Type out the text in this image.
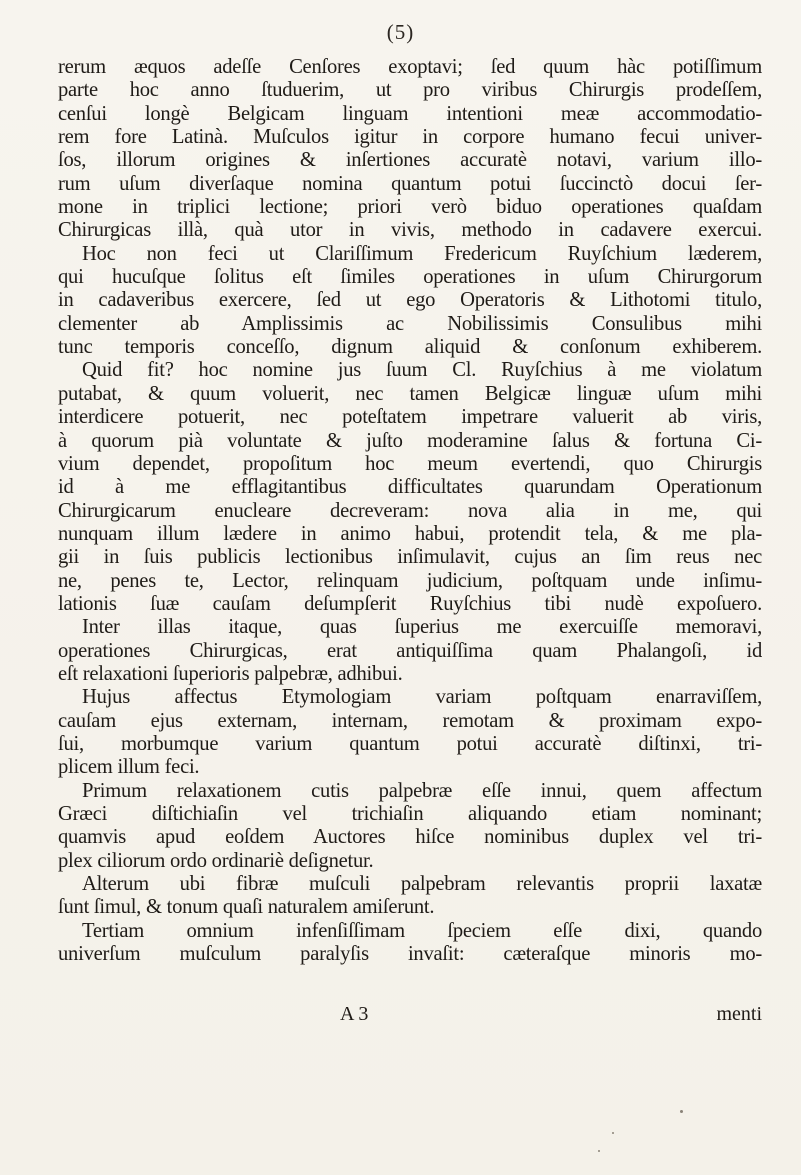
(5)
rerum æquos adeſſe Cenſores exoptavi; ſed quum hàc potiſſimum
parte hoc anno ſtuduerim, ut pro viribus Chirurgis prodeſſem,
cenſui longè Belgicam linguam intentioni meæ accommodatio-
rem fore Latinà. Muſculos igitur in corpore humano fecui univer-
ſos, illorum origines & inſertiones accuratè notavi, varium illo-
rum uſum diverſaque nomina quantum potui ſuccinctò docui ſer-
mone in triplici lectione; priori verò biduo operationes quaſdam
Chirurgicas illà, quà utor in vivis, methodo in cadavere exercui.
Hoc non feci ut Clariſſimum Fredericum Ruyſchium læderem,
qui hucuſque ſolitus eſt ſimiles operationes in uſum Chirurgorum
in cadaveribus exercere, ſed ut ego Operatoris & Lithotomi titulo,
clementer ab Amplissimis ac Nobilissimis Consulibus mihi
tunc temporis conceſſo, dignum aliquid & conſonum exhiberem.
Quid fit? hoc nomine jus ſuum Cl. Ruyſchius à me violatum
putabat, & quum voluerit, nec tamen Belgicæ linguæ uſum mihi
interdicere potuerit, nec poteſtatem impetrare valuerit ab viris,
à quorum pià voluntate & juſto moderamine ſalus & fortuna Ci-
vium dependet, propoſitum hoc meum evertendi, quo Chirurgis
id à me efflagitantibus difficultates quarundam Operationum
Chirurgicarum enucleare decreveram: nova alia in me, qui
nunquam illum lædere in animo habui, protendit tela, & me pla-
gii in ſuis publicis lectionibus inſimulavit, cujus an ſim reus nec
ne, penes te, Lector, relinquam judicium, poſtquam unde inſimu-
lationis ſuæ cauſam deſumpſerit Ruyſchius tibi nudè expoſuero.
Inter illas itaque, quas ſuperius me exercuiſſe memoravi,
operationes Chirurgicas, erat antiquiſſima quam Phalangoſi, id
eſt relaxationi ſuperioris palpebræ, adhibui.
Hujus affectus Etymologiam variam poſtquam enarraviſſem,
cauſam ejus externam, internam, remotam & proximam expo-
ſui, morbumque varium quantum potui accuratè diſtinxi, tri-
plicem illum feci.
Primum relaxationem cutis palpebræ eſſe innui, quem affectum
Græci diſtichiaſin vel trichiaſin aliquando etiam nominant;
quamvis apud eoſdem Auctores hiſce nominibus duplex vel tri-
plex ciliorum ordo ordinariè deſignetur.
Alterum ubi fibræ muſculi palpebram relevantis proprii laxatæ
ſunt ſimul, & tonum quaſi naturalem amiſerunt.
Tertiam omnium infenſiſſimam ſpeciem eſſe dixi, quando
univerſum muſculum paralyſis invaſit: cæteraſque minoris mo-
A 3	menti
